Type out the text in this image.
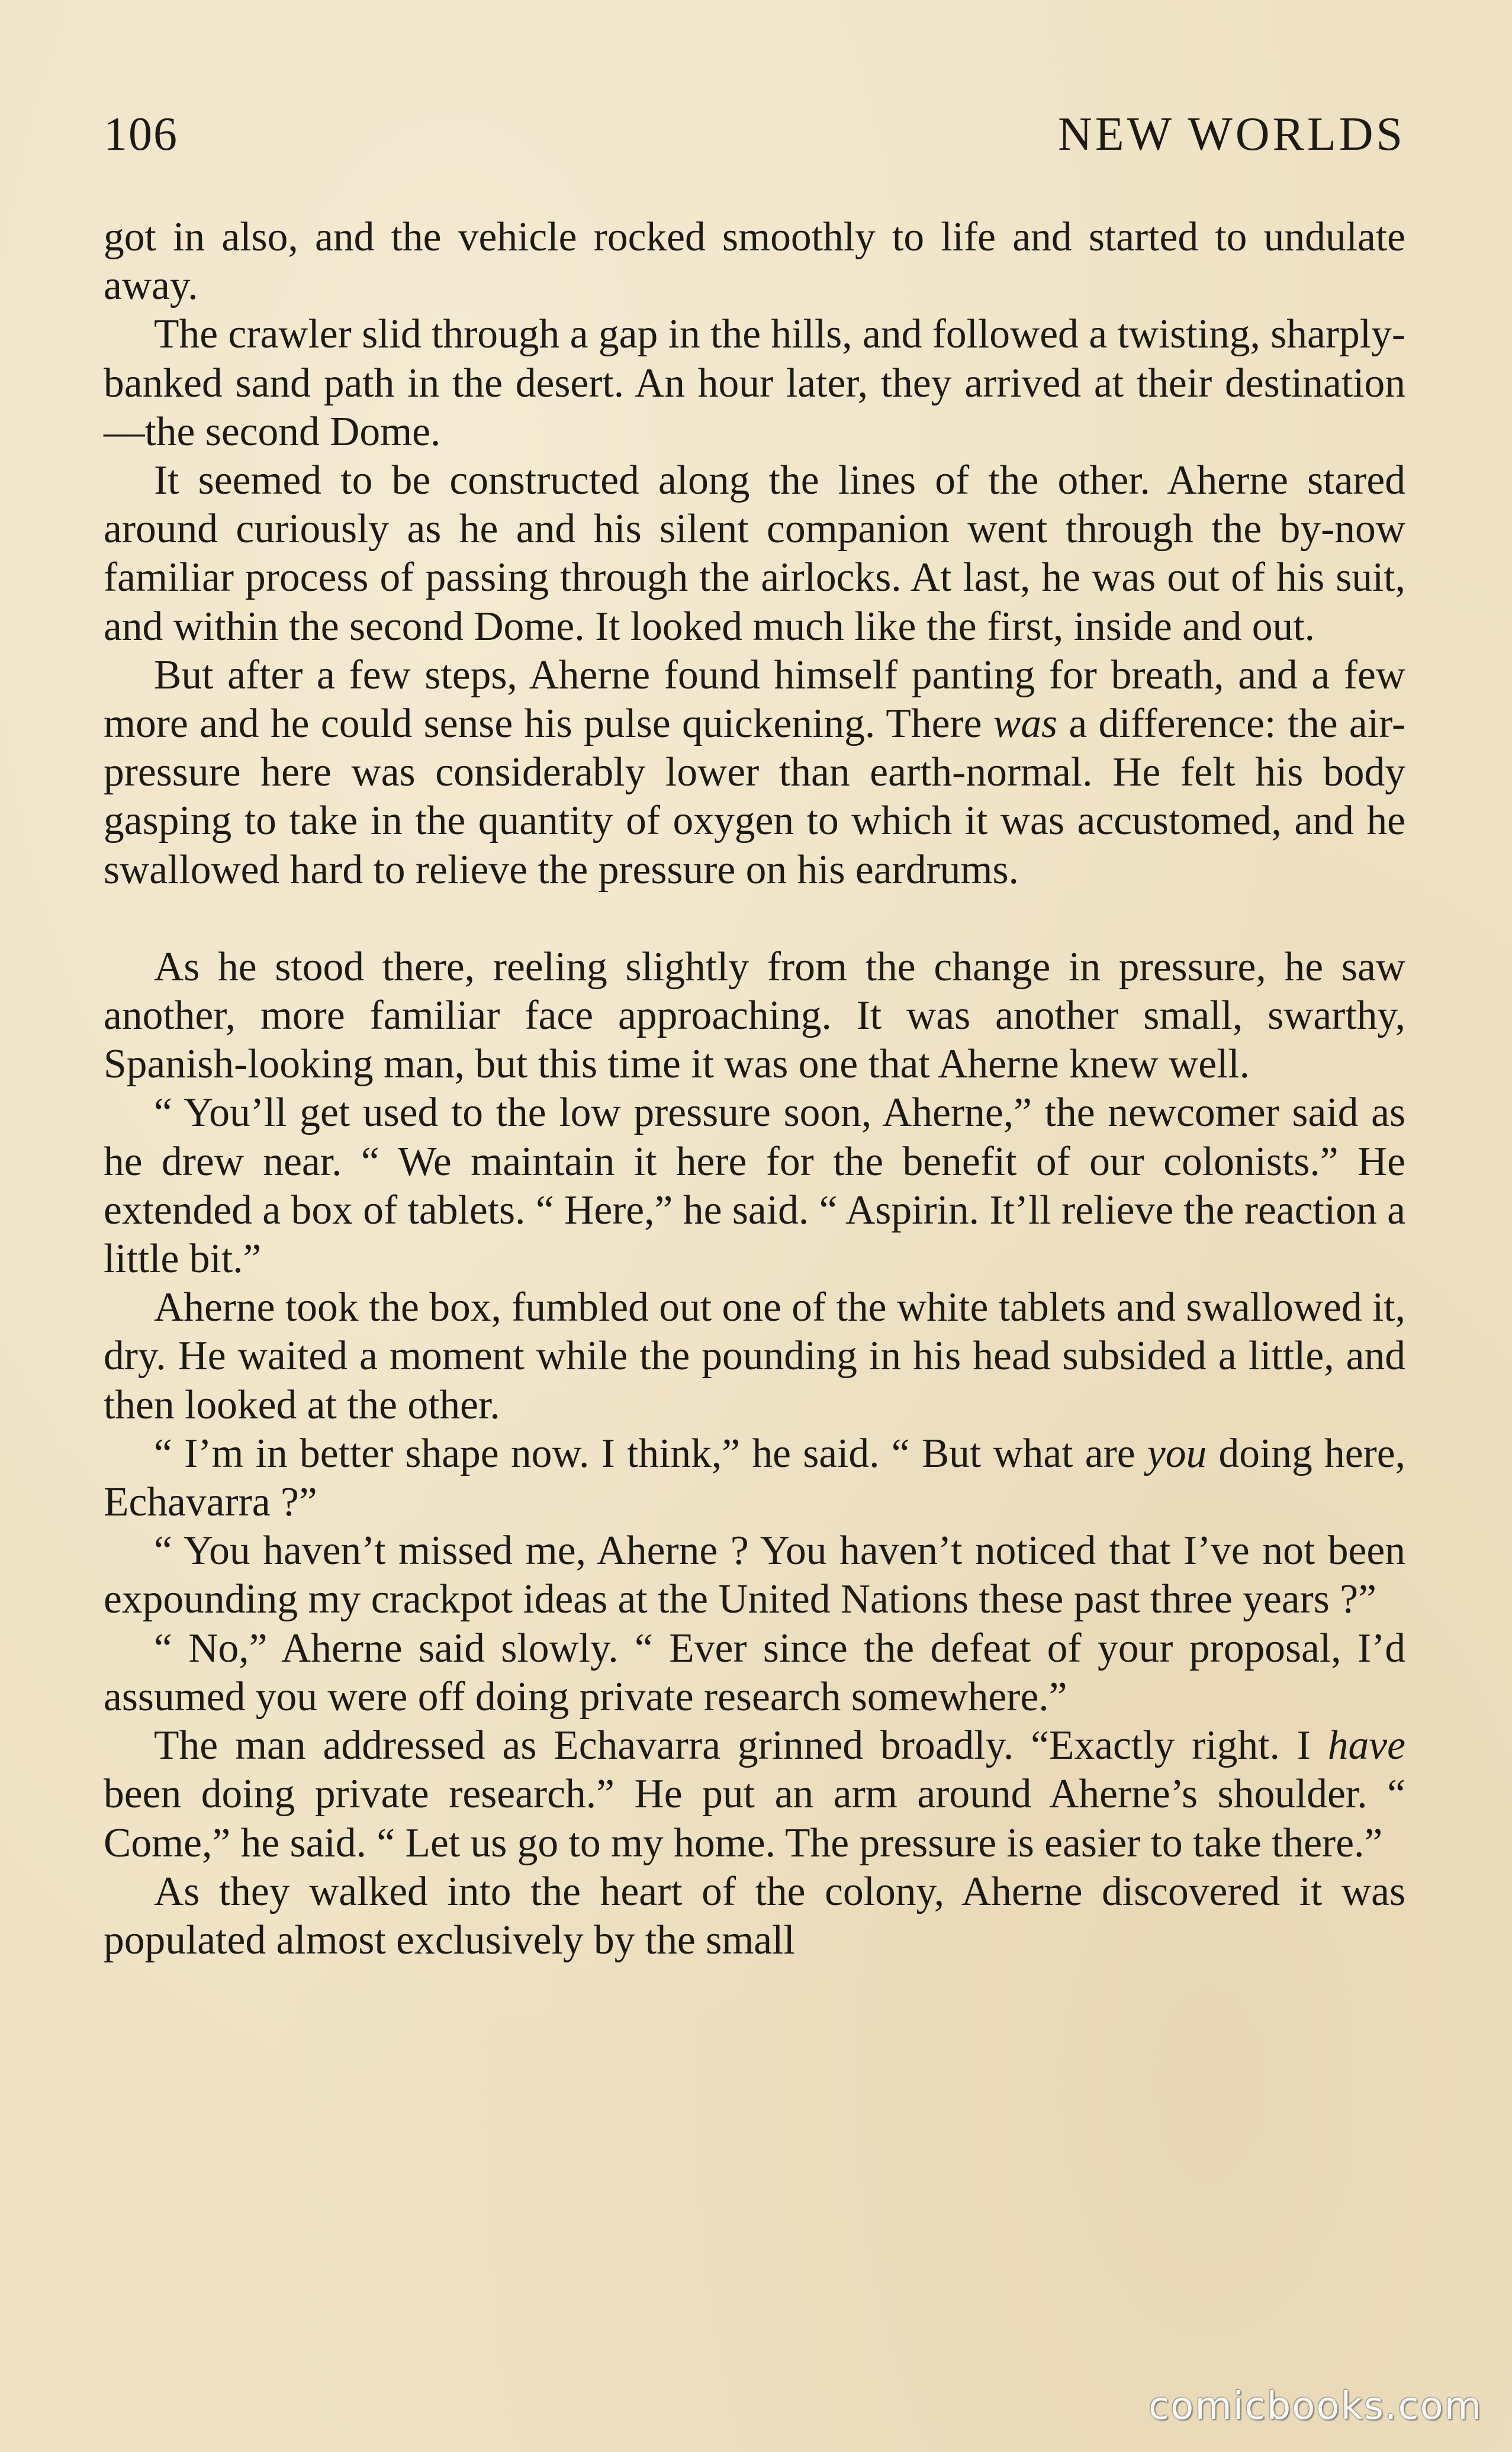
106	NEW WORLDS

got in also, and the vehicle rocked smoothly to life and started to undulate away.

The crawler slid through a gap in the hills, and followed a twisting, sharply-banked sand path in the desert. An hour later, they arrived at their destination—the second Dome.

It seemed to be constructed along the lines of the other. Aherne stared around curiously as he and his silent companion went through the by-now familiar process of passing through the airlocks. At last, he was out of his suit, and within the second Dome. It looked much like the first, inside and out.

But after a few steps, Aherne found himself panting for breath, and a few more and he could sense his pulse quickening. There was a difference: the air-pressure here was considerably lower than earth-normal. He felt his body gasping to take in the quantity of oxygen to which it was accustomed, and he swallowed hard to relieve the pressure on his eardrums.

As he stood there, reeling slightly from the change in pressure, he saw another, more familiar face approaching. It was another small, swarthy, Spanish-looking man, but this time it was one that Aherne knew well.

“ You’ll get used to the low pressure soon, Aherne,” the newcomer said as he drew near. “ We maintain it here for the benefit of our colonists.” He extended a box of tablets. “ Here,” he said. “ Aspirin. It’ll relieve the reaction a little bit.”

Aherne took the box, fumbled out one of the white tablets and swallowed it, dry. He waited a moment while the pounding in his head subsided a little, and then looked at the other.

“ I’m in better shape now. I think,” he said. “ But what are you doing here, Echavarra ?”

“ You haven’t missed me, Aherne ? You haven’t noticed that I’ve not been expounding my crackpot ideas at the United Nations these past three years ?”

“ No,” Aherne said slowly. “ Ever since the defeat of your proposal, I’d assumed you were off doing private research somewhere.”

The man addressed as Echavarra grinned broadly. “Exactly right. I have been doing private research.” He put an arm around Aherne’s shoulder. “ Come,” he said. “ Let us go to my home. The pressure is easier to take there.”

As they walked into the heart of the colony, Aherne discovered it was populated almost exclusively by the small

comicbooks.com
